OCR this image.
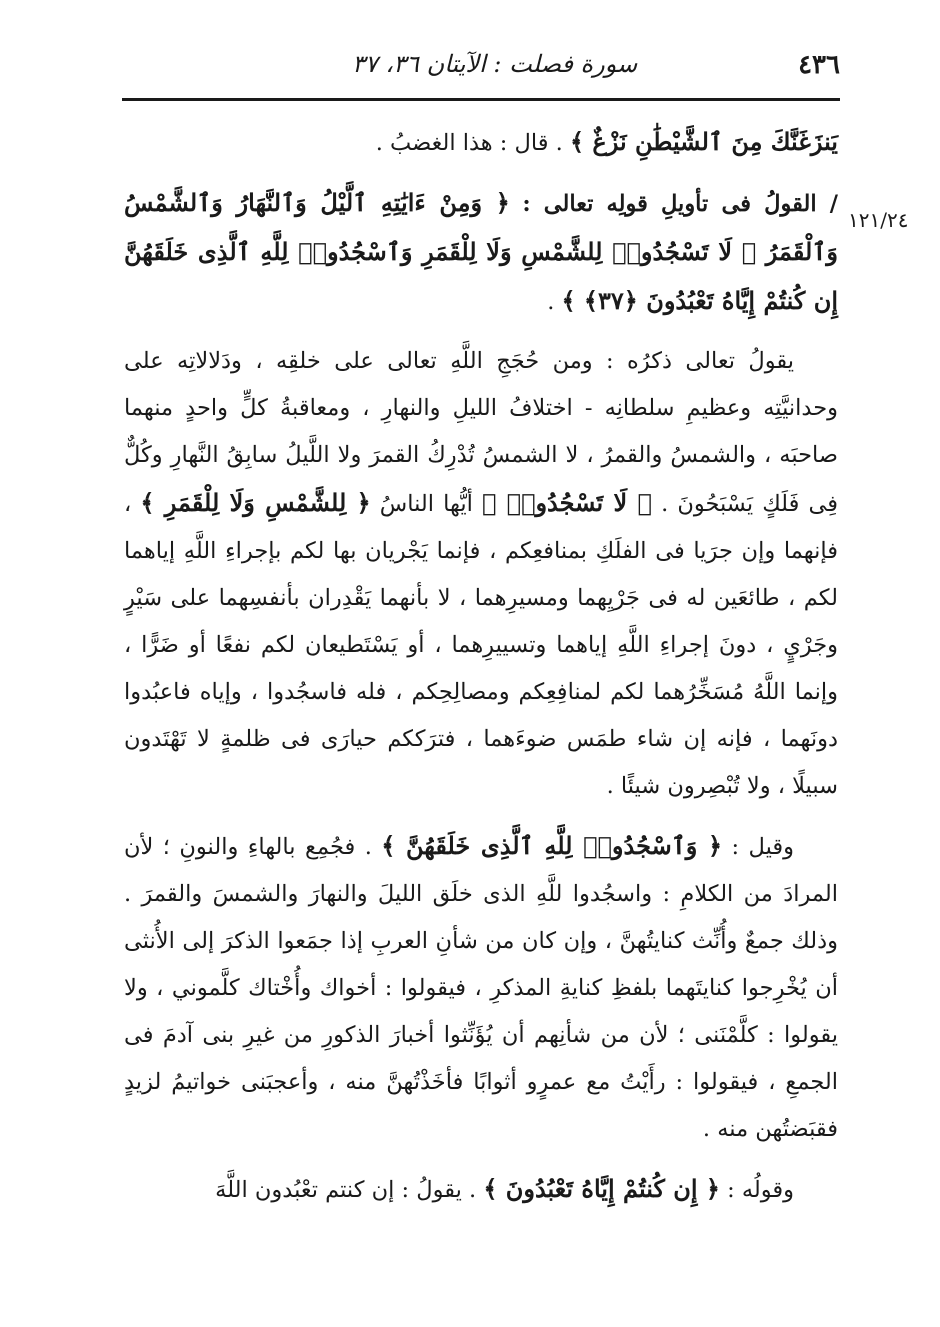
٤٣٦
سورة فصلت : الآيتان ٣٦، ٣٧
١٢١/٢٤

يَنزَغَنَّكَ مِنَ ٱلشَّيْطَٰنِ نَزْغٌ ﴾ . قال : هذا الغضبُ .

/ القولُ فى تأويلِ قولِه تعالى : ﴿ وَمِنْ ءَايَٰتِهِ ٱلَّيْلُ وَٱلنَّهَارُ وَٱلشَّمْسُ وَٱلْقَمَرُ ۚ لَا تَسْجُدُوا۟ لِلشَّمْسِ وَلَا لِلْقَمَرِ وَٱسْجُدُوا۟ لِلَّهِ ٱلَّذِى خَلَقَهُنَّ إِن كُنتُمْ إِيَّاهُ تَعْبُدُونَ ﴿٣٧﴾ ﴾ .

يقولُ تعالى ذكرُه : ومن حُجَجِ اللَّهِ تعالى على خلقِه ، ودَلالاتِه على وحدانيَّتِه وعظيمِ سلطانِه - اختلافُ الليلِ والنهارِ ، ومعاقبةُ كلٍّ واحدٍ منهما صاحبَه ، والشمسُ والقمرُ ، لا الشمسُ تُدْرِكُ القمرَ ولا اللَّيلُ سابِقُ النَّهارِ وكُلٌّ فِى فَلَكٍ يَسْبَحُونَ . ﴿ لَا تَسْجُدُوا۟ ﴾ أيُّها الناسُ ﴿ لِلشَّمْسِ وَلَا لِلْقَمَرِ ﴾ ، فإنهما وإن جرَيا فى الفلَكِ بمنافعِكم ، فإنما يَجْريان بها لكم بإجراءِ اللَّهِ إياهما لكم ، طائعَين له فى جَرْيِهما ومسيرِهما ، لا بأنهما يَقْدِران بأنفسِهما على سَيْرٍ وجَرْيٍ ، دونَ إجراءِ اللَّهِ إياهما وتسييرِهما ، أو يَسْتَطيعان لكم نفعًا أو ضَرًّا ، وإنما اللَّهُ مُسَخِّرُهما لكم لمنافِعِكم ومصالِحِكم ، فله فاسجُدوا ، وإياه فاعبُدوا دونَهما ، فإنه إن شاء طمَس ضوءَهما ، فترَككم حيارَى فى ظلمةٍ لا تَهْتَدون سبيلًا ، ولا تُبْصِرون شيئًا .

وقيل : ﴿ وَٱسْجُدُوا۟ لِلَّهِ ٱلَّذِى خَلَقَهُنَّ ﴾ . فجُمِع بالهاءِ والنونِ ؛ لأن المرادَ من الكلامِ : واسجُدوا للَّهِ الذى خلَق الليلَ والنهارَ والشمسَ والقمرَ . وذلك جمعٌ وأُنِّث كنايتُهنَّ ، وإن كان من شأنِ العربِ إذا جمَعوا الذكرَ إلى الأُنثى أن يُخْرِجوا كنايتَهما بلفظِ كنايةِ المذكرِ ، فيقولوا : أخواك وأُخْتاك كلَّموني ، ولا يقولوا : كلَّمْنَنى ؛ لأن من شأنِهم أن يُؤَنِّثوا أخبارَ الذكورِ من غيرِ بنى آدمَ فى الجمعِ ، فيقولوا : رأَيْتُ مع عمرٍو أثوابًا فأخَذْتُهنَّ منه ، وأعجبَنى خواتيمُ لزيدٍ فقبَضتُهن منه .

وقولُه : ﴿ إِن كُنتُمْ إِيَّاهُ تَعْبُدُونَ ﴾ . يقولُ : إن كنتم تعْبُدون اللَّهَ
